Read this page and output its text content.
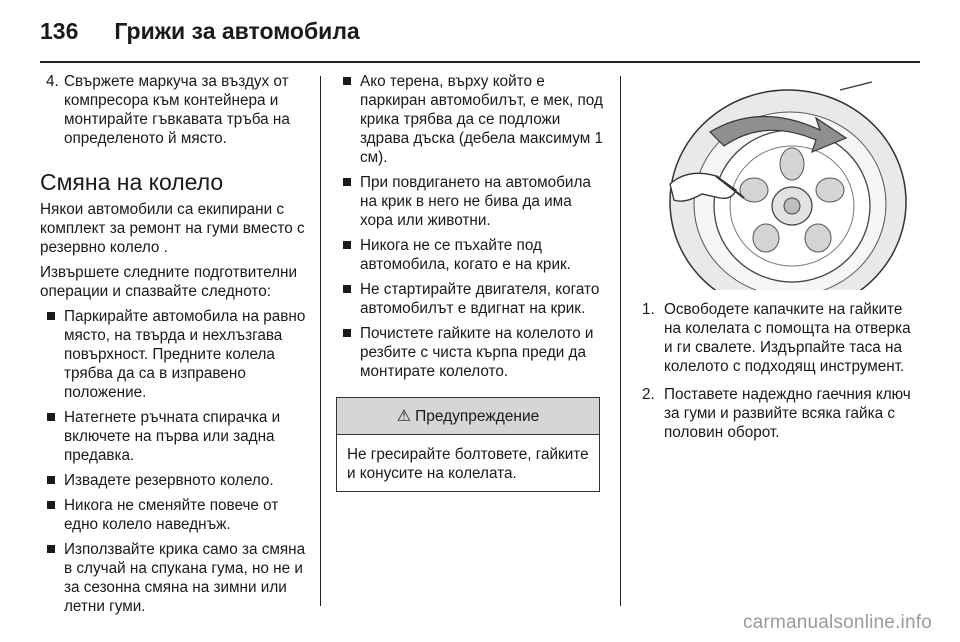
136 Грижи за автомобила
4. Свържете маркуча за въздух от компресора към контейнера и монтирайте гъвкавата тръба на определеното й място.
Смяна на колело

Някои автомобили са екипирани с комплект за ремонт на гуми вместо с резервно колело .

Извършете следните подготвителни операции и спазвайте следното:

Паркирайте автомобила на равно място, на твърда и нехлъзгава повърхност. Предните колела трябва да са в изправено положение.
Нaтегнете ръчната спирачка и включете на първа или задна предавка.
Извадете резервното колело.
Никога не сменяйте повече от едно колело наведнъж.
Използвайте крика само за смяна в случай на спукана гума, но не и за сезонна смяна на зимни или летни гуми.
Ако терена, върху който е паркиран автомобилът, е мек, под крика трябва да се подложи здрава дъска (дебела максимум 1 см).
При повдигането на автомобила на крик в него не бива да има хора или животни.
Никога не се пъхайте под автомобила, когато е на крик.
Не стартирайте двигателя, когато автомобилът е вдигнат на крик.
Почистете гайките на колелото и резбите с чиста кърпа преди да монтирате колелото.
⚠ Предупреждение
Не гресирайте болтовете, гайките и конусите на колелата.
1. Освободете капачките на гайките на колелата с помощта на отверка и ги свалете. Издърпайте таса на колелото с подходящ инструмент.
2. Поставете надеждно гаечния ключ за гуми и развийте всяка гайка с половин оборот.
carmanualsonline.info
